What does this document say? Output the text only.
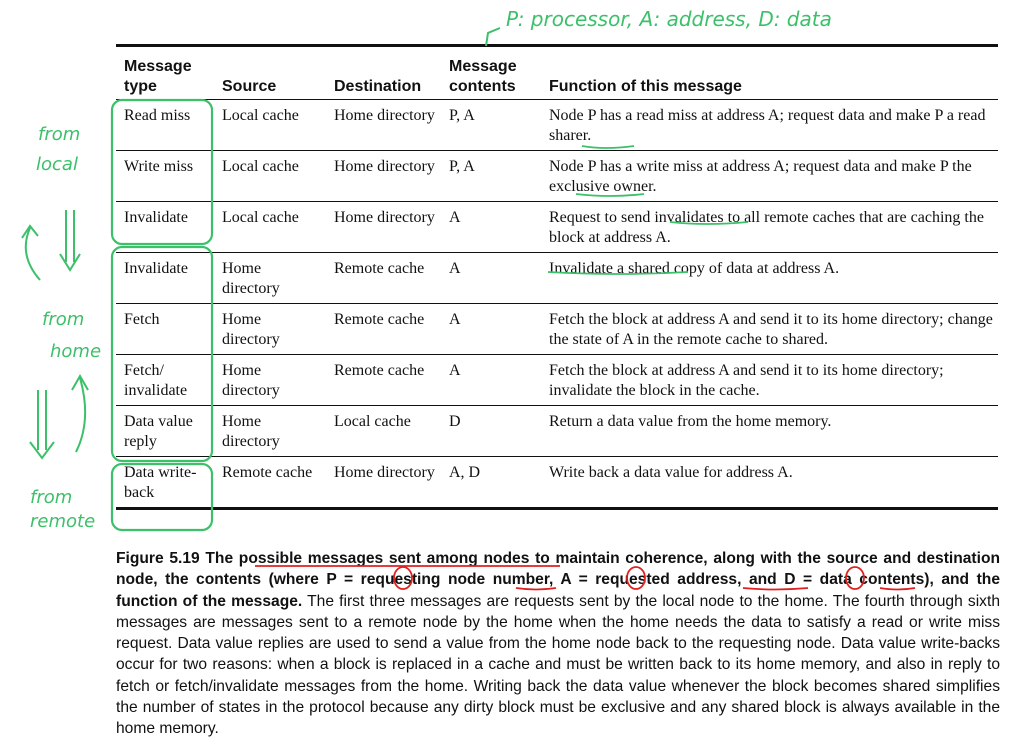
Message type	Source	Destination	Message contents	Function of this message
Read miss	Local cache	Home directory	P, A	Node P has a read miss at address A; request data and make P a read sharer.
Write miss	Local cache	Home directory	P, A	Node P has a write miss at address A; request data and make P the exclusive owner.
Invalidate	Local cache	Home directory	A	Request to send invalidates to all remote caches that are caching the block at address A.
Invalidate	Home directory	Remote cache	A	Invalidate a shared copy of data at address A.
Fetch	Home directory	Remote cache	A	Fetch the block at address A and send it to its home directory; change the state of A in the remote cache to shared.
Fetch/ invalidate	Home directory	Remote cache	A	Fetch the block at address A and send it to its home directory; invalidate the block in the cache.
Data value reply	Home directory	Local cache	D	Return a data value from the home memory.
Data write-back	Remote cache	Home directory	A, D	Write back a data value for address A.
Figure 5.19 The possible messages sent among nodes to maintain coherence, along with the source and destination node, the contents (where P = requesting node number, A = requested address, and D = data contents), and the function of the message. The first three messages are requests sent by the local node to the home. The fourth through sixth messages are messages sent to a remote node by the home when the home needs the data to satisfy a read or write miss request. Data value replies are used to send a value from the home node back to the requesting node. Data value write-backs occur for two reasons: when a block is replaced in a cache and must be written back to its home memory, and also in reply to fetch or fetch/invalidate messages from the home. Writing back the data value whenever the block becomes shared simplifies the number of states in the protocol because any dirty block must be exclusive and any shared block is always available in the home memory.
P: processor, A: address, D: data
from
local
from
home
from
remote
